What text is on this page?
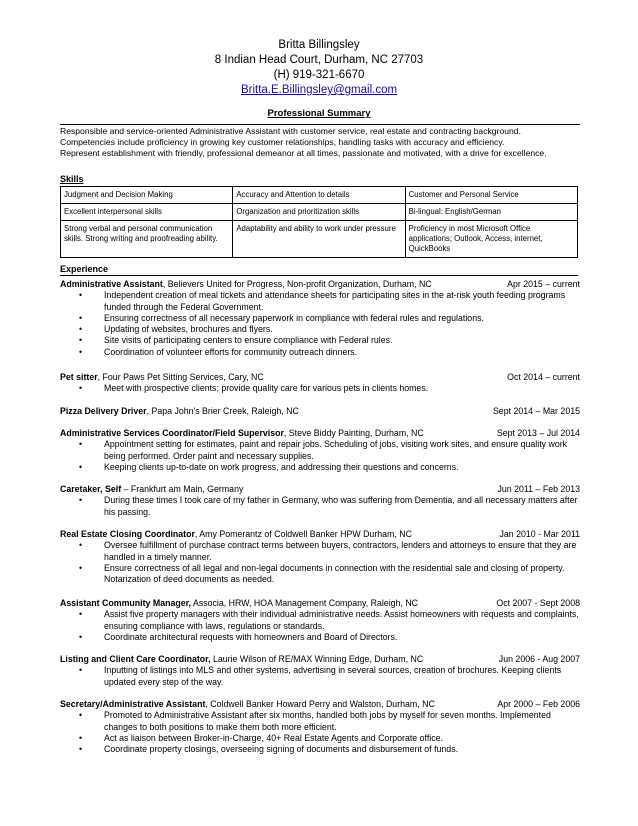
Britta Billingsley
8 Indian Head Court, Durham, NC 27703
(H) 919-321-6670
Britta.E.Billingsley@gmail.com
Professional Summary

Responsible and service-oriented Administrative Assistant with customer service, real estate and contracting background.

Competencies include proficiency in growing key customer relationships, handling tasks with accuracy and efficiency.

Represent establishment with friendly, professional demeanor at all times, passionate and motivated, with a drive for excellence.

Skills
Judgment and Decision Making	Accuracy and Attention to details	Customer and Personal Service
Excellent interpersonal skills	Organization and prioritization skills	Bi-lingual: English/German
Strong verbal and personal communication skills. Strong writing and proofreading ability.	Adaptability and ability to work under pressure	Proficiency in most Microsoft Office applications; Outlook, Access, internet, QuickBooks
Experience
Administrative Assistant, Believers United for Progress, Non-profit Organization, Durham, NC	Apr 2015 – current
• Independent creation of meal tickets and attendance sheets for participating sites in the at-risk youth feeding programs funded through the Federal Government.
• Ensuring correctness of all necessary paperwork in compliance with federal rules and regulations.
• Updating of websites, brochures and flyers.
• Site visits of participating centers to ensure compliance with Federal rules.
• Coordination of volunteer efforts for community outreach dinners.
Pet sitter, Four Paws Pet Sitting Services, Cary, NC	Oct 2014 – current
• Meet with prospective clients; provide quality care for various pets in clients homes.
Pizza Delivery Driver, Papa John's Brier Creek, Raleigh, NC	Sept 2014 – Mar 2015
Administrative Services Coordinator/Field Supervisor, Steve Biddy Painting, Durham, NC	Sept 2013 – Jul 2014
• Appointment setting for estimates, paint and repair jobs. Scheduling of jobs, visiting work sites, and ensure quality work being performed. Order paint and necessary supplies.
• Keeping clients up-to-date on work progress, and addressing their questions and concerns.
Caretaker, Self – Frankfurt am Main, Germany	Jun 2011 – Feb 2013
• During these times I took care of my father in Germany, who was suffering from Dementia, and all necessary matters after his passing.
Real Estate Closing Coordinator, Amy Pomerantz of Coldwell Banker HPW Durham, NC	Jan 2010 - Mar 2011
• Oversee fulfillment of purchase contract terms between buyers, contractors, lenders and attorneys to ensure that they are handled in a timely manner.
• Ensure correctness of all legal and non-legal documents in connection with the residential sale and closing of property. Notarization of deed documents as needed.
Assistant Community Manager, Associa, HRW, HOA Management Company, Raleigh, NC	Oct 2007 - Sept 2008
• Assist five property managers with their individual administrative needs. Assist homeowners with requests and complaints, ensuring compliance with laws, regulations or standards.
• Coordinate architectural requests with homeowners and Board of Directors.
Listing and Client Care Coordinator, Laurie Wilson of RE/MAX Winning Edge, Durham, NC	Jun 2006 - Aug 2007
• Inputting of listings into MLS and other systems, advertising in several sources, creation of brochures. Keeping clients updated every step of the way.
Secretary/Administrative Assistant, Coldwell Banker Howard Perry and Walston, Durham, NC	Apr 2000 – Feb 2006
• Promoted to Administrative Assistant after six months, handled both jobs by myself for seven months. Implemented changes to both positions to make them both more efficient.
• Act as liaison between Broker-in-Charge, 40+ Real Estate Agents and Corporate office.
• Coordinate property closings, overseeing signing of documents and disbursement of funds.
